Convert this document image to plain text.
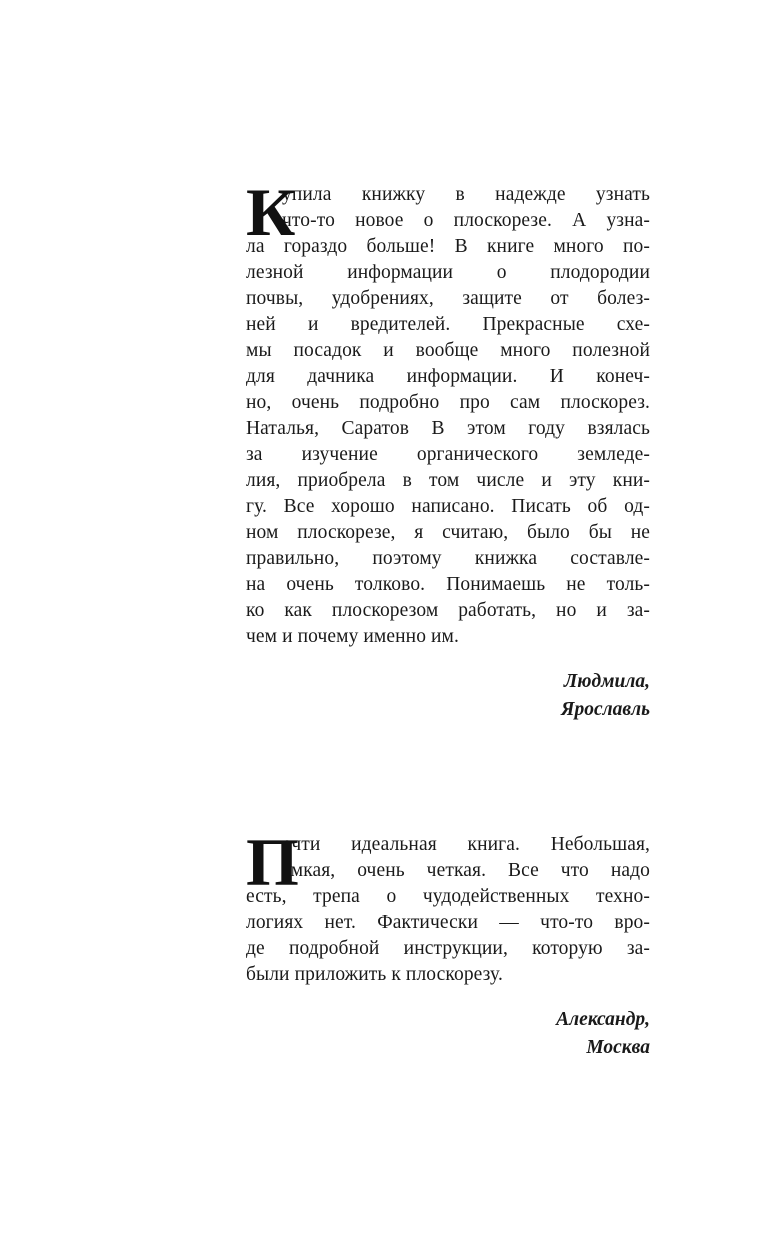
К
упила книжку в надежде узнать
что-то новое о плоскорезе. А узна-
ла гораздо больше! В книге много по-
лезной информации о плодородии
почвы, удобрениях, защите от болез-
ней и вредителей. Прекрасные схе-
мы посадок и вообще много полезной
для дачника информации. И конеч-
но, очень подробно про сам плоскорез.
Наталья, Саратов В этом году взялась
за изучение органического земледе-
лия, приобрела в том числе и эту кни-
гу. Все хорошо написано. Писать об од-
ном плоскорезе, я считаю, было бы не
правильно, поэтому книжка составле-
на очень толково. Понимаешь не толь-
ко как плоскорезом работать, но и за-
чем и почему именно им.
Людмила,
Ярославль
П
очти идеальная книга. Небольшая,
емкая, очень четкая. Все что надо
есть, трепа о чудодейственных техно-
логиях нет. Фактически — что-то вро-
де подробной инструкции, которую за-
были приложить к плоскорезу.
Александр,
Москва
